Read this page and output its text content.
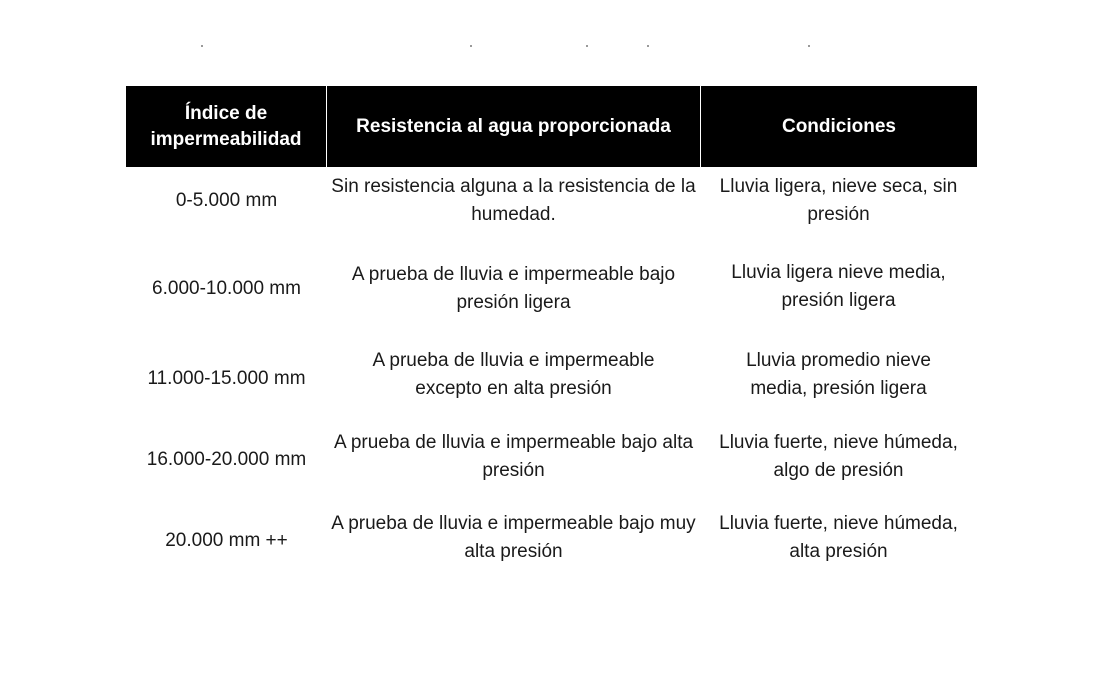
Índice de impermeabilidad
Resistencia al agua proporcionada	Condiciones
0-5.000 mm
Sin resistencia alguna a la resistencia de la humedad.
Lluvia ligera, nieve seca, sin presión
6.000-10.000 mm
A prueba de lluvia e impermeable bajo presión ligera
Lluvia ligera nieve media, presión ligera
11.000-15.000 mm
A prueba de lluvia e impermeable excepto en alta presión
Lluvia promedio nieve media, presión ligera
16.000-20.000 mm
A prueba de lluvia e impermeable bajo alta presión
Lluvia fuerte, nieve húmeda, algo de presión
20.000 mm ++
A prueba de lluvia e impermeable bajo muy alta presión
Lluvia fuerte, nieve húmeda, alta presión
